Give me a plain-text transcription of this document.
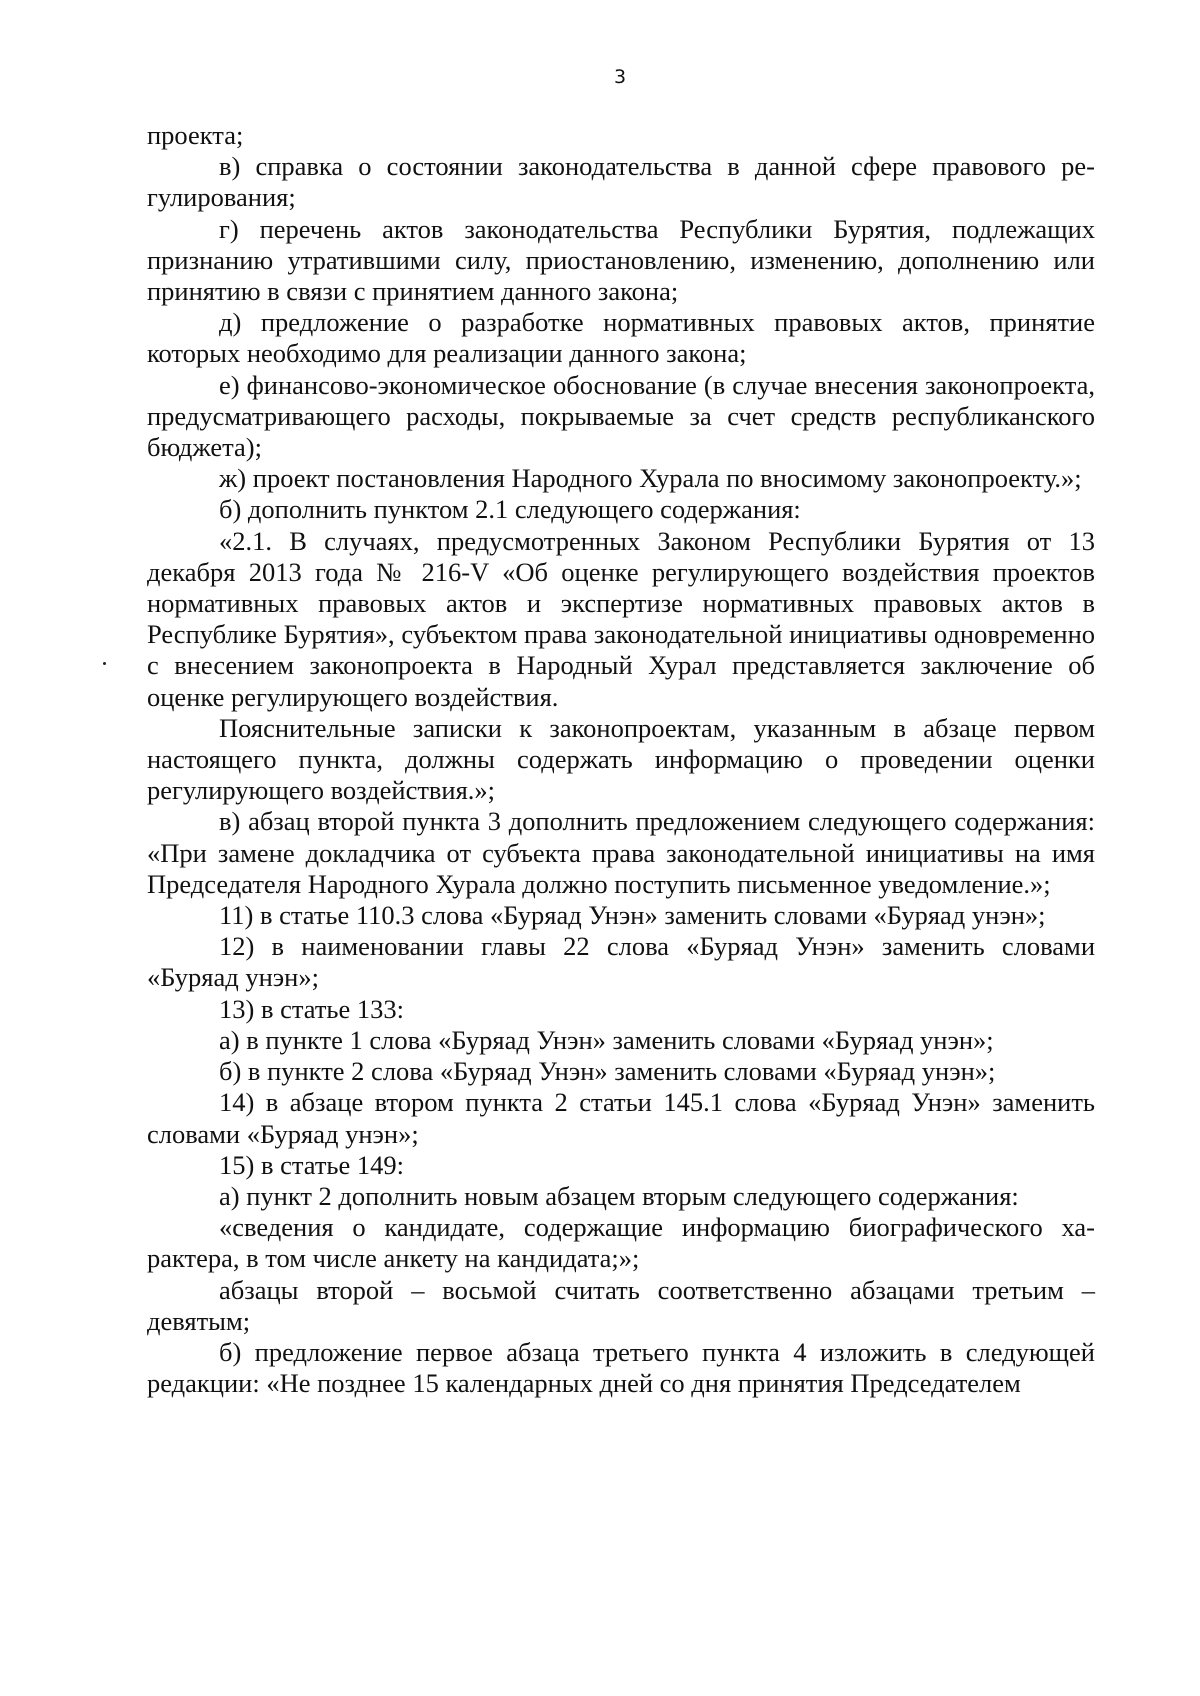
3

проекта;

в) справка о состоянии законодательства в данной сфере правового регулирования;

г) перечень актов законодательства Республики Бурятия, подлежащих признанию утратившими силу, приостановлению, изменению, дополнению или принятию в связи с принятием данного закона;

д) предложение о разработке нормативных правовых актов, принятие которых необходимо для реализации данного закона;

е) финансово-экономическое обоснование (в случае внесения законопроекта, предусматривающего расходы, покрываемые за счет средств республиканского бюджета);

ж) проект постановления Народного Хурала по вносимому законопроекту.»;

б) дополнить пунктом 2.1 следующего содержания:

«2.1. В случаях, предусмотренных Законом Республики Бурятия от 13 декабря 2013 года № 216-V «Об оценке регулирующего воздействия проектов нормативных правовых актов и экспертизе нормативных правовых актов в Республике Бурятия», субъектом права законодательной инициативы одновременно с внесением законопроекта в Народный Хурал представляется заключение об оценке регулирующего воздействия.

Пояснительные записки к законопроектам, указанным в абзаце первом настоящего пункта, должны содержать информацию о проведении оценки регулирующего воздействия.»;

в) абзац второй пункта 3 дополнить предложением следующего содержания: «При замене докладчика от субъекта права законодательной инициативы на имя Председателя Народного Хурала должно поступить письменное уведомление.»;

11) в статье 110.3 слова «Буряад Унэн» заменить словами «Буряад унэн»;

12) в наименовании главы 22 слова «Буряад Унэн» заменить словами «Буряад унэн»;

13) в статье 133:

а) в пункте 1 слова «Буряад Унэн» заменить словами «Буряад унэн»;

б) в пункте 2 слова «Буряад Унэн» заменить словами «Буряад унэн»;

14) в абзаце втором пункта 2 статьи 145.1 слова «Буряад Унэн» заменить словами «Буряад унэн»;

15) в статье 149:

а) пункт 2 дополнить новым абзацем вторым следующего содержания:

«сведения о кандидате, содержащие информацию биографического характера, в том числе анкету на кандидата;»;

абзацы второй – восьмой считать соответственно абзацами третьим – девятым;

б) предложение первое абзаца третьего пункта 4 изложить в следующей редакции: «Не позднее 15 календарных дней со дня принятия Председателем
